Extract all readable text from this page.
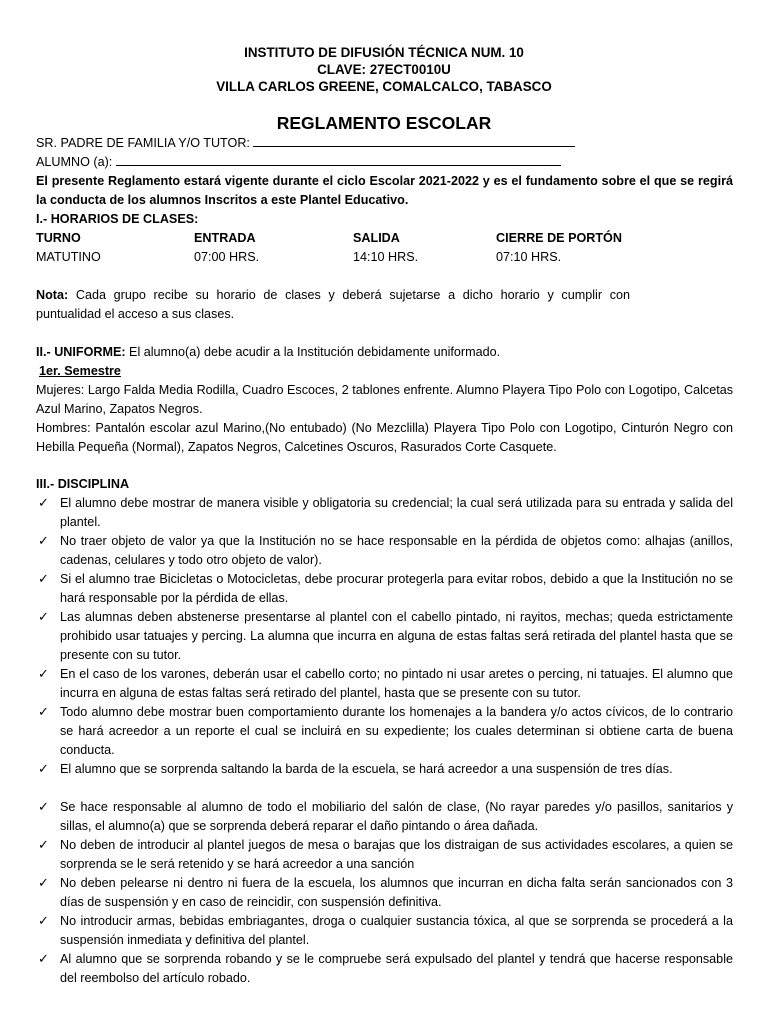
INSTITUTO DE DIFUSIÓN TÉCNICA NUM. 10
CLAVE: 27ECT0010U
VILLA CARLOS GREENE, COMALCALCO, TABASCO
REGLAMENTO ESCOLAR
SR. PADRE DE FAMILIA Y/O TUTOR:
ALUMNO (a):
El presente Reglamento estará vigente durante el ciclo Escolar 2021-2022 y es el fundamento sobre el que se regirá la conducta de los alumnos Inscritos a este Plantel Educativo.
I.- HORARIOS DE CLASES:
TURNO	ENTRADA	SALIDA	CIERRE DE PORTÓN
MATUTINO	07:00 HRS.	14:10 HRS.	07:10 HRS.
Nota: Cada grupo recibe su horario de clases y deberá sujetarse a dicho horario y cumplir con puntualidad el acceso a sus clases.
II.- UNIFORME: El alumno(a) debe acudir a la Institución debidamente uniformado.
1er. Semestre
Mujeres: Largo Falda Media Rodilla, Cuadro Escoces, 2 tablones enfrente. Alumno Playera Tipo Polo con Logotipo, Calcetas Azul Marino, Zapatos Negros.
Hombres: Pantalón escolar azul Marino,(No entubado) (No Mezclilla) Playera Tipo Polo con Logotipo, Cinturón Negro con Hebilla Pequeña (Normal), Zapatos Negros, Calcetines Oscuros, Rasurados Corte Casquete.
III.- DISCIPLINA
✓ El alumno debe mostrar de manera visible y obligatoria su credencial; la cual será utilizada para su entrada y salida del plantel.
✓ No traer objeto de valor ya que la Institución no se hace responsable en la pérdida de objetos como: alhajas (anillos, cadenas, celulares y todo otro objeto de valor).
✓ Si el alumno trae Bicicletas o Motocicletas, debe procurar protegerla para evitar robos, debido a que la Institución no se hará responsable por la pérdida de ellas.
✓ Las alumnas deben abstenerse presentarse al plantel con el cabello pintado, ni rayitos, mechas; queda estrictamente prohibido usar tatuajes y percing. La alumna que incurra en alguna de estas faltas será retirada del plantel hasta que se presente con su tutor.
✓ En el caso de los varones, deberán usar el cabello corto; no pintado ni usar aretes o percing, ni tatuajes. El alumno que incurra en alguna de estas faltas será retirado del plantel, hasta que se presente con su tutor.
✓ Todo alumno debe mostrar buen comportamiento durante los homenajes a la bandera y/o actos cívicos, de lo contrario se hará acreedor a un reporte el cual se incluirá en su expediente; los cuales determinan si obtiene carta de buena conducta.
✓ El alumno que se sorprenda saltando la barda de la escuela, se hará acreedor a una suspensión de tres días.
✓ Se hace responsable al alumno de todo el mobiliario del salón de clase, (No rayar paredes y/o pasillos, sanitarios y sillas, el alumno(a) que se sorprenda deberá reparar el daño pintando o área dañada.
✓ No deben de introducir al plantel juegos de mesa o barajas que los distraigan de sus actividades escolares, a quien se sorprenda se le será retenido y se hará acreedor a una sanción
✓ No deben pelearse ni dentro ni fuera de la escuela, los alumnos que incurran en dicha falta serán sancionados con 3 días de suspensión y en caso de reincidir, con suspensión definitiva.
✓ No introducir armas, bebidas embriagantes, droga o cualquier sustancia tóxica, al que se sorprenda se procederá a la suspensión inmediata y definitiva del plantel.
✓ Al alumno que se sorprenda robando y se le compruebe será expulsado del plantel y tendrá que hacerse responsable del reembolso del artículo robado.
